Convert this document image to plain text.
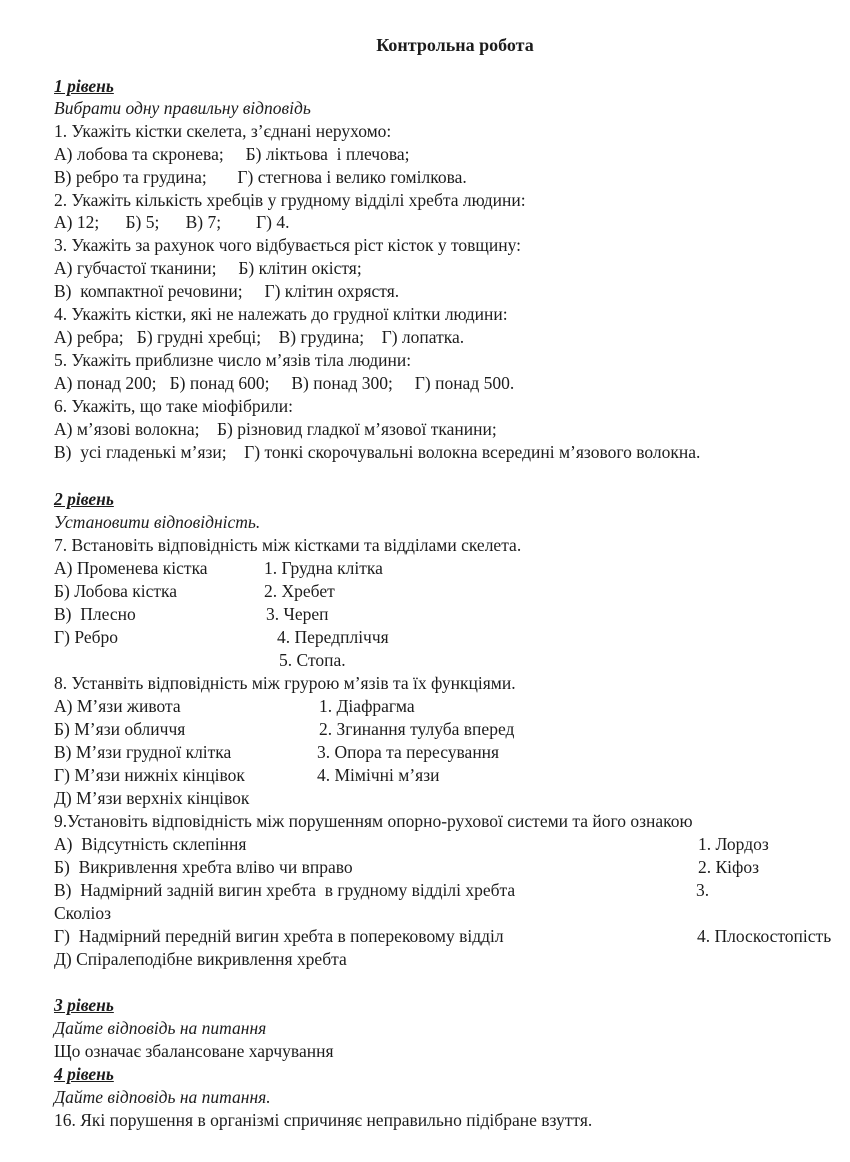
Контрольна робота
1 рівень
Вибрати одну правильну відповідь
1. Укажіть кістки скелета, з’єднані нерухомо:
А) лобова та скронева;     Б) ліктьова  і плечова;
В) ребро та грудина;       Г) стегнова і велико гомілкова.
2. Укажіть кількість хребців у грудному відділі хребта людини:
А) 12;      Б) 5;      В) 7;        Г) 4.
3. Укажіть за рахунок чого відбувається ріст кісток у товщину:
А) губчастої тканини;     Б) клітин окістя;
В)  компактної речовини;     Г) клітин охрястя.
4. Укажіть кістки, які не належать до грудної клітки людини:
А) ребра;   Б) грудні хребці;    В) грудина;    Г) лопатка.
5. Укажіть приблизне число м’язів тіла людини:
А) понад 200;   Б) понад 600;     В) понад 300;     Г) понад 500.
6. Укажіть, що таке міофібрили:
А) м’язові волокна;    Б) різновид гладкої м’язової тканини;
В)  усі гладенькі м’язи;    Г) тонкі скорочувальні волокна всередині м’язового волокна.
2 рівень
Установити відповідність.
7. Встановіть відповідність між кістками та відділами скелета.
А) Променева кістка
Б) Лобова кістка
В)  Плесно
Г) Ребро
1. Грудна клітка
2. Хребет
3. Череп
4. Передпліччя
5. Стопа.
8. Устанвіть відповідність між грурою м’язів та їх функціями.
А) М’язи живота
Б) М’язи обличчя
В) М’язи грудної клітка
Г) М’язи нижніх кінцівок
Д) М’язи верхніх кінцівок
1. Діафрагма
2. Згинання тулуба вперед
3. Опора та пересування
4. Мімічні м’язи
9.Установіть відповідність між порушенням опорно-рухової системи та його ознакою
А)  Відсутність склепіння
Б)  Викривлення хребта вліво чи вправо
В)  Надмірний задній вигин хребта  в грудному відділі хребта
Сколіоз
Г)  Надмірний передній вигин хребта в поперековому відділ
Д) Спіралеподібне викривлення хребта
1. Лордоз
2. Кіфоз
3.
4. Плоскостопість
3 рівень
Дайте відповідь на питання
Що означає збалансоване харчування
4 рівень
Дайте відповідь на питання.
16. Які порушення в організмі спричиняє неправильно підібране взуття.
